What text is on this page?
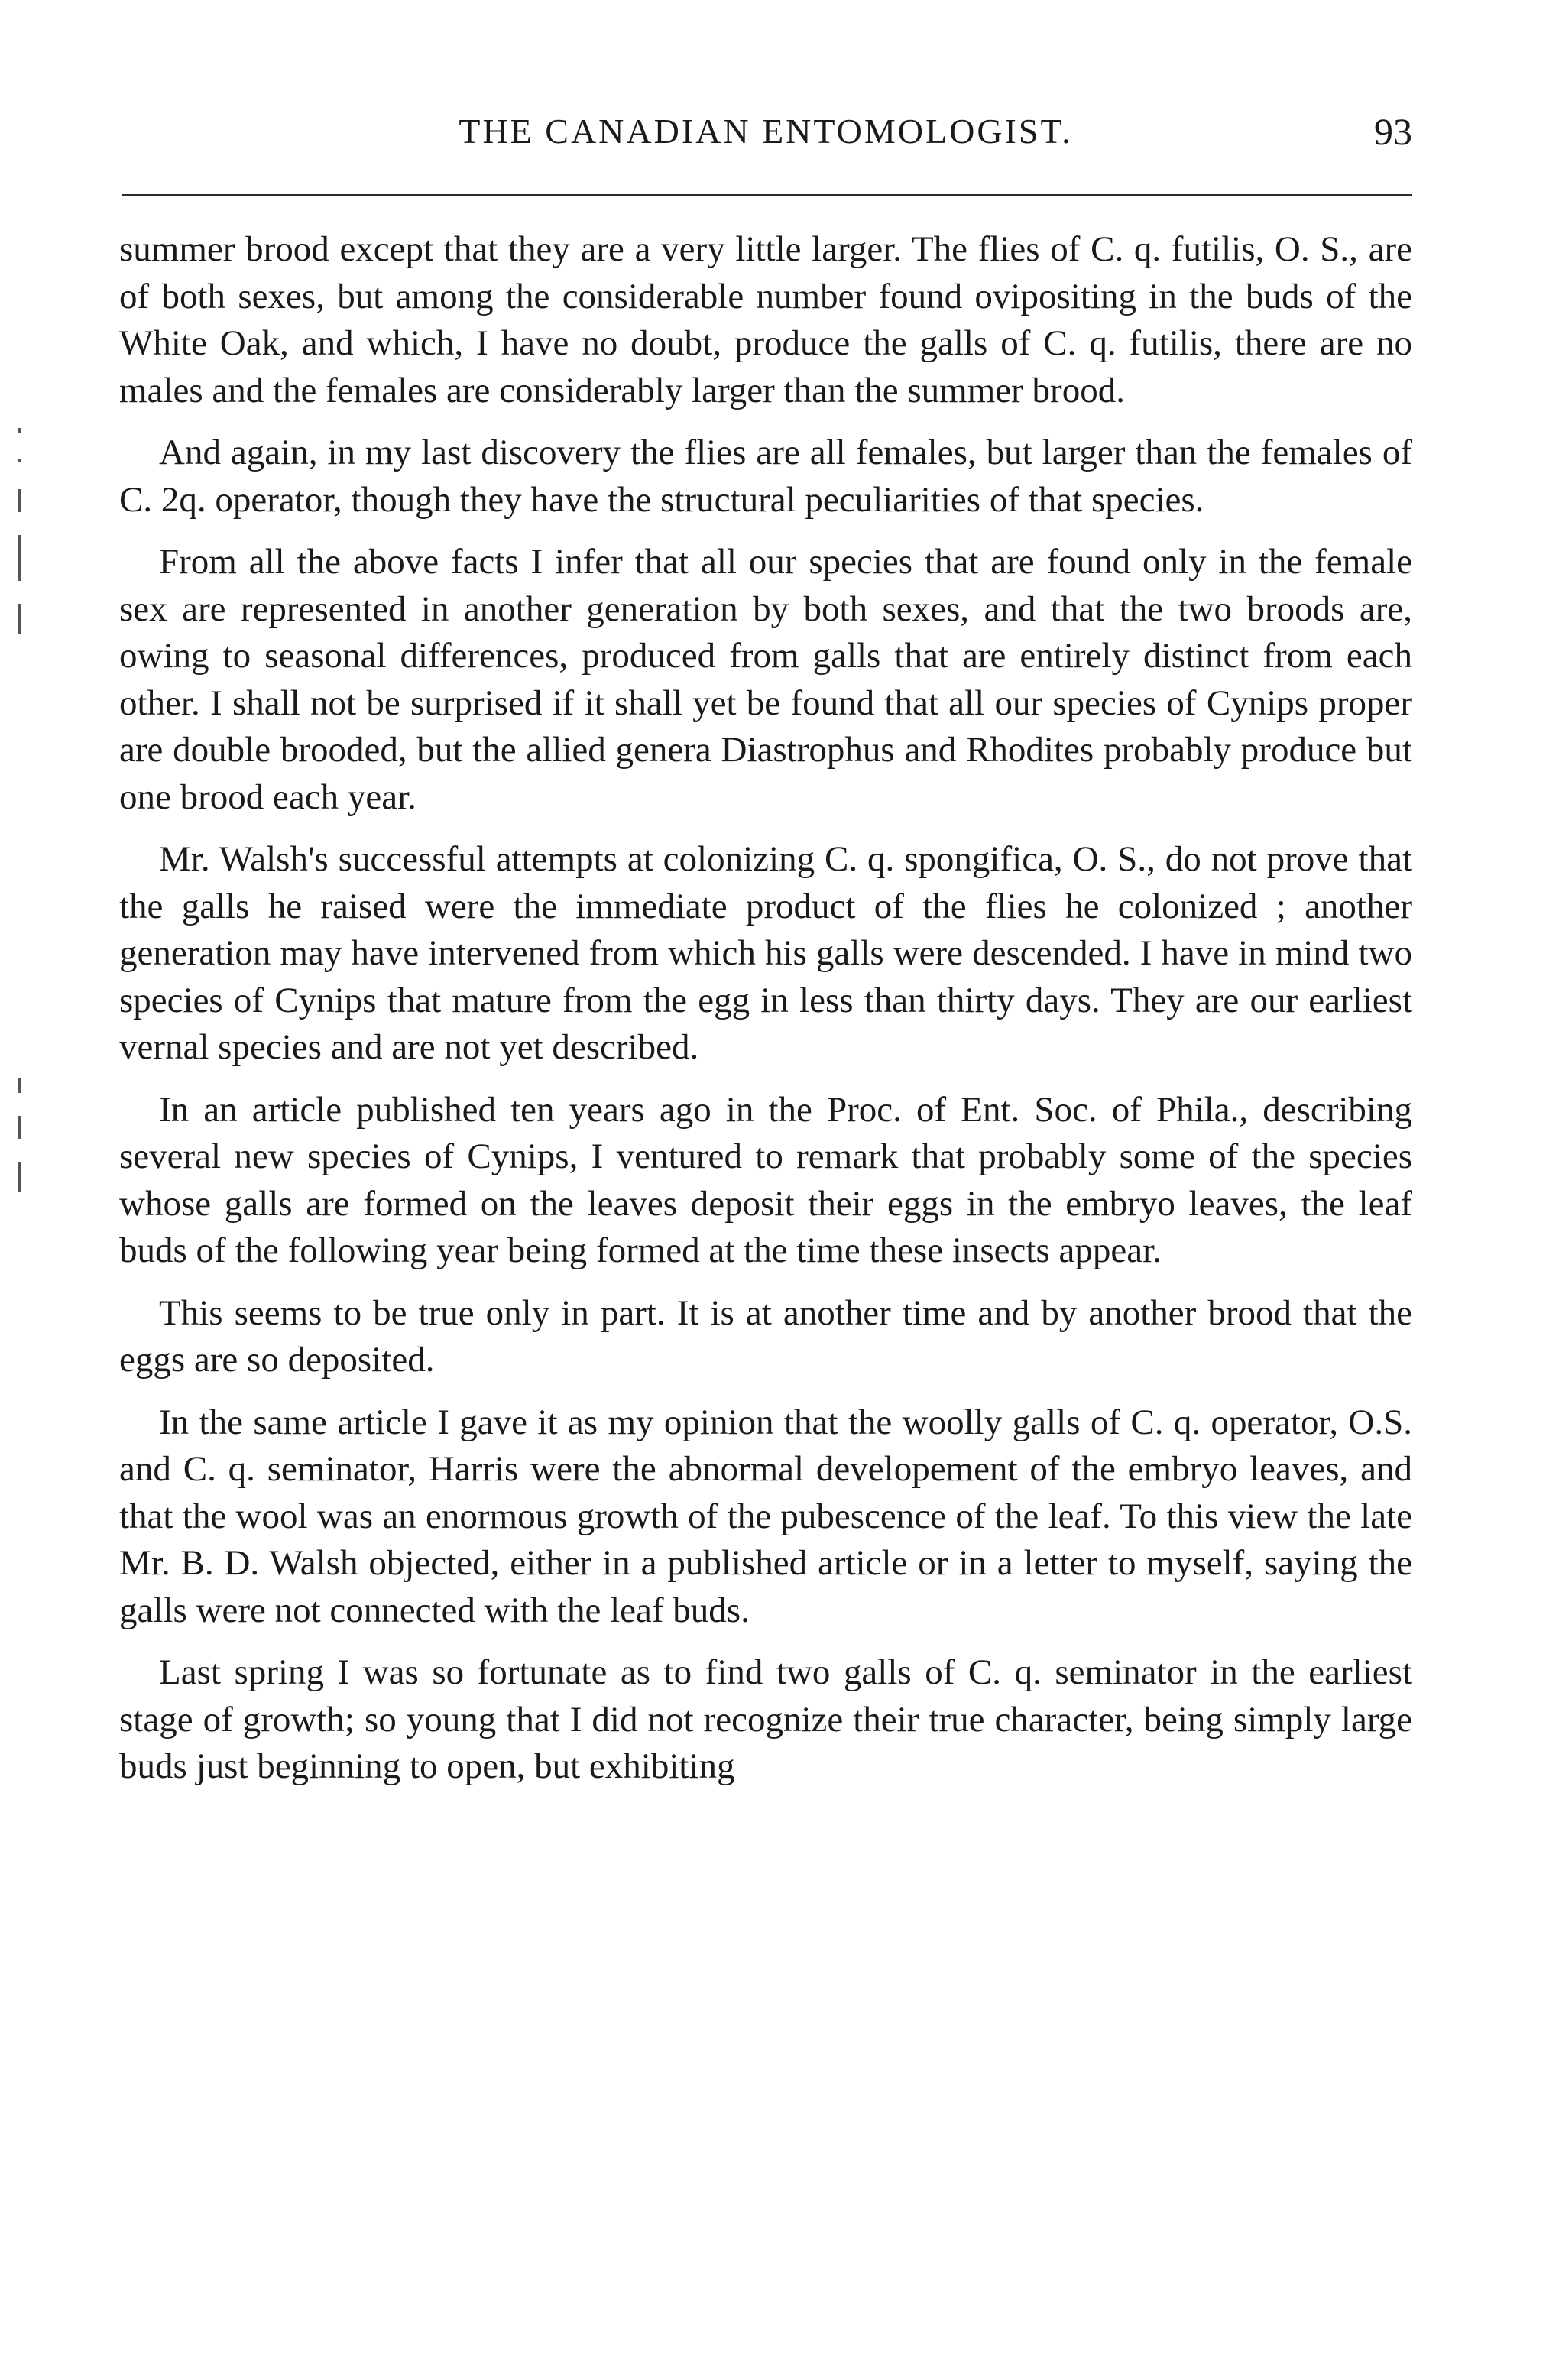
THE CANADIAN ENTOMOLOGIST.	93

summer brood except that they are a very little larger. The flies of C. q. futilis, O. S., are of both sexes, but among the considerable number found ovipositing in the buds of the White Oak, and which, I have no doubt, produce the galls of C. q. futilis, there are no males and the females are considerably larger than the summer brood.

And again, in my last discovery the flies are all females, but larger than the females of C. 2q. operator, though they have the structural peculiarities of that species.

From all the above facts I infer that all our species that are found only in the female sex are represented in another generation by both sexes, and that the two broods are, owing to seasonal differences, produced from galls that are entirely distinct from each other. I shall not be surprised if it shall yet be found that all our species of Cynips proper are double brooded, but the allied genera Diastrophus and Rhodites probably produce but one brood each year.

Mr. Walsh's successful attempts at colonizing C. q. spongifica, O. S., do not prove that the galls he raised were the immediate product of the flies he colonized ; another generation may have intervened from which his galls were descended. I have in mind two species of Cynips that mature from the egg in less than thirty days. They are our earliest vernal species and are not yet described.

In an article published ten years ago in the Proc. of Ent. Soc. of Phila., describing several new species of Cynips, I ventured to remark that probably some of the species whose galls are formed on the leaves deposit their eggs in the embryo leaves, the leaf buds of the following year being formed at the time these insects appear.

This seems to be true only in part. It is at another time and by another brood that the eggs are so deposited.

In the same article I gave it as my opinion that the woolly galls of C. q. operator, O.S. and C. q. seminator, Harris were the abnormal developement of the embryo leaves, and that the wool was an enormous growth of the pubescence of the leaf. To this view the late Mr. B. D. Walsh objected, either in a published article or in a letter to myself, saying the galls were not connected with the leaf buds.

Last spring I was so fortunate as to find two galls of C. q. seminator in the earliest stage of growth; so young that I did not recognize their true character, being simply large buds just beginning to open, but exhibiting
